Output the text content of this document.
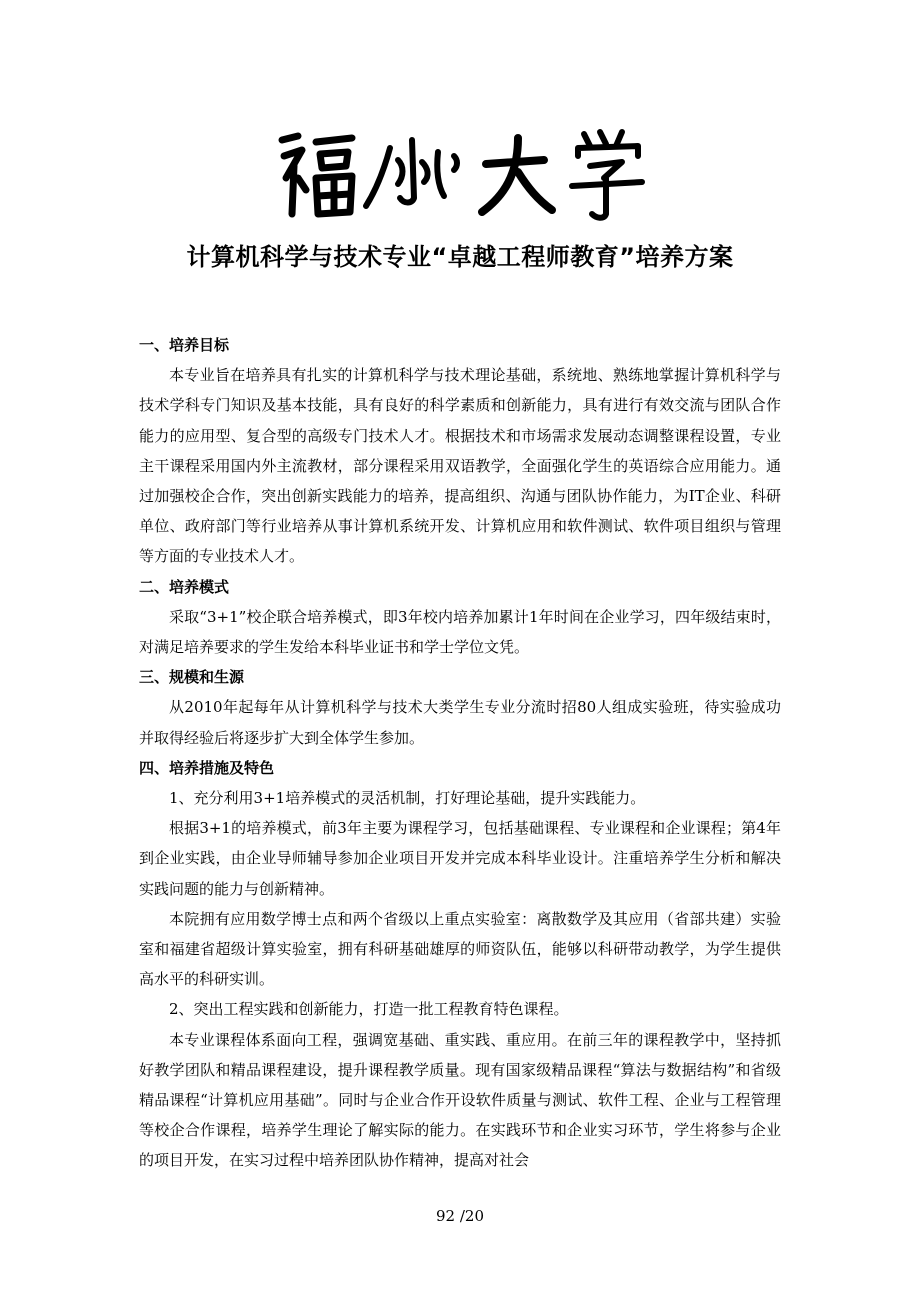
计算机科学与技术专业“卓越工程师教育”培养方案
一、培养目标

本专业旨在培养具有扎实的计算机科学与技术理论基础，系统地、熟练地掌握计算机科学与技术学科专门知识及基本技能，具有良好的科学素质和创新能力，具有进行有效交流与团队合作能力的应用型、复合型的高级专门技术人才。根据技术和市场需求发展动态调整课程设置，专业主干课程采用国内外主流教材，部分课程采用双语教学，全面强化学生的英语综合应用能力。通过加强校企合作，突出创新实践能力的培养，提高组织、沟通与团队协作能力，为IT企业、科研单位、政府部门等行业培养从事计算机系统开发、计算机应用和软件测试、软件项目组织与管理等方面的专业技术人才。

二、培养模式

采取“3+1”校企联合培养模式，即3年校内培养加累计1年时间在企业学习，四年级结束时，对满足培养要求的学生发给本科毕业证书和学士学位文凭。

三、规模和生源

从2010年起每年从计算机科学与技术大类学生专业分流时招80人组成实验班，待实验成功并取得经验后将逐步扩大到全体学生参加。

四、培养措施及特色

1、充分利用3+1培养模式的灵活机制，打好理论基础，提升实践能力。

根据3+1的培养模式，前3年主要为课程学习，包括基础课程、专业课程和企业课程；第4年到企业实践，由企业导师辅导参加企业项目开发并完成本科毕业设计。注重培养学生分析和解决实践问题的能力与创新精神。

本院拥有应用数学博士点和两个省级以上重点实验室：离散数学及其应用（省部共建）实验室和福建省超级计算实验室，拥有科研基础雄厚的师资队伍，能够以科研带动教学，为学生提供高水平的科研实训。

2、突出工程实践和创新能力，打造一批工程教育特色课程。

本专业课程体系面向工程，强调宽基础、重实践、重应用。在前三年的课程教学中，坚持抓好教学团队和精品课程建设，提升课程教学质量。现有国家级精品课程“算法与数据结构”和省级精品课程“计算机应用基础”。同时与企业合作开设软件质量与测试、软件工程、企业与工程管理等校企合作课程，培养学生理论了解实际的能力。在实践环节和企业实习环节，学生将参与企业的项目开发，在实习过程中培养团队协作精神，提高对社会

92 /20
